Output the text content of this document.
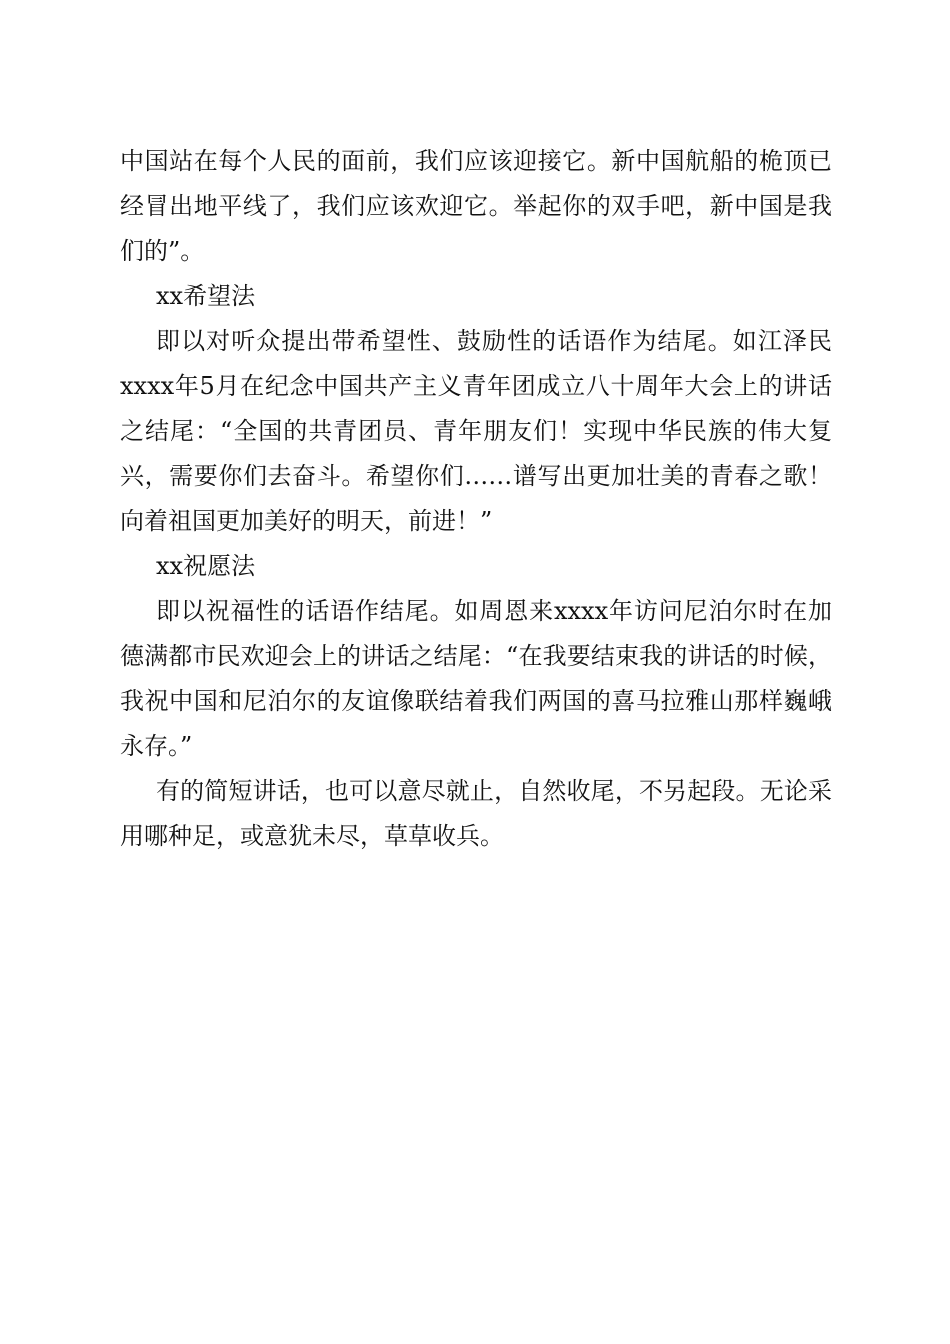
中国站在每个人民的面前，我们应该迎接它。新中国航船的桅顶已经冒出地平线了，我们应该欢迎它。举起你的双手吧，新中国是我们的”。

xx希望法

即以对听众提出带希望性、鼓励性的话语作为结尾。如江泽民xxxx年5月在纪念中国共产主义青年团成立八十周年大会上的讲话之结尾：“全国的共青团员、青年朋友们！实现中华民族的伟大复兴，需要你们去奋斗。希望你们……谱写出更加壮美的青春之歌！向着祖国更加美好的明天，前进！”

xx祝愿法

即以祝福性的话语作结尾。如周恩来xxxx年访问尼泊尔时在加德满都市民欢迎会上的讲话之结尾：“在我要结束我的讲话的时候，我祝中国和尼泊尔的友谊像联结着我们两国的喜马拉雅山那样巍峨永存。”

有的简短讲话，也可以意尽就止，自然收尾，不另起段。无论采用哪种足，或意犹未尽，草草收兵。
